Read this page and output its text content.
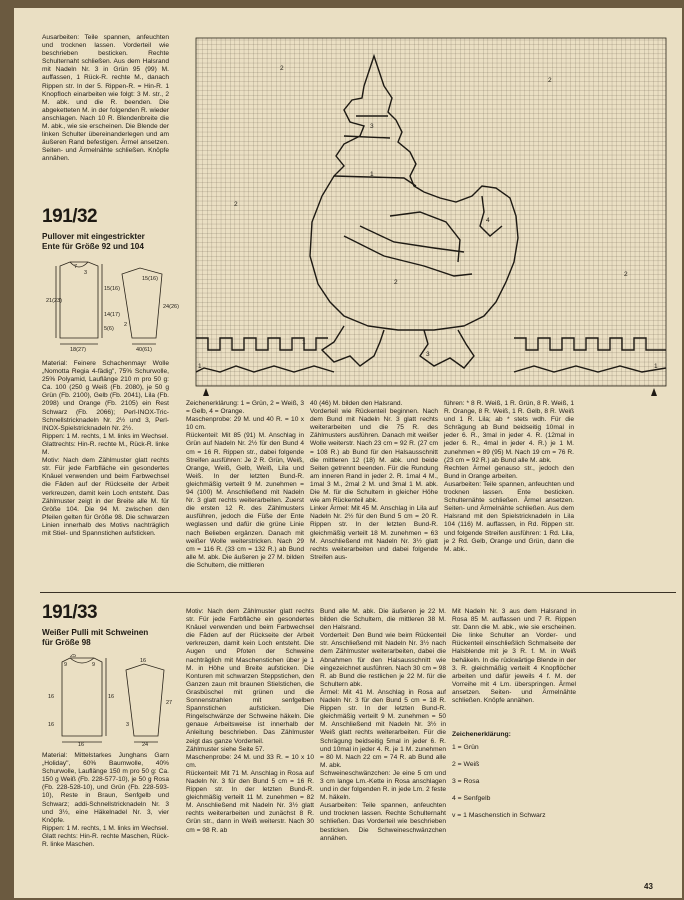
Ausarbeiten: Teile spannen, anfeuchten und trocknen lassen. Vorderteil wie beschrieben besticken. Rechte Schulternaht schließen. Aus dem Halsrand mit Nadeln Nr. 3 in Grün 95 (99) M. auffassen, 1 Rück-R. rechte M., danach Rippen str. In der 5. Rippen-R. = Hin-R. 1 Knopfloch einarbeiten wie folgt: 3 M. str., 2 M. abk. und die R. beenden. Die abgeketteten M. in der folgenden R. wieder anschlagen. Nach 10 R. Blendenbreite die M. abk., wie sie erscheinen. Die Blende der linken Schulter übereinanderlegen und am äußeren Rand befestigen. Ärmel ansetzen. Seiten- und Ärmelnähte schließen. Knöpfe annähen.

191/32
Pullover mit eingestrickter
Ente für Größe 92 und 104
7
3
15(16)
21(23)
15(16)
24(26)
14(17)
5(6)
18(27)	40(61)
2

Material: Feinere Schachenmayr Wolle „Nomotta Regia 4-fädig", 75% Schurwolle, 25% Polyamid, Lauflänge 210 m pro 50 g: Ca. 100 (250 g Weiß (Fb. 2080), je 50 g Grün (Fb. 2100), Gelb (Fb. 2041), Lila (Fb. 2098) und Orange (Fb. 2105) ein Rest Schwarz (Fb. 2066); Perl-INOX-Tric-Schnellstricknadeln Nr. 2½ und 3, Perl-INOX-Spielstricknadeln Nr. 2½.
Rippen: 1 M. rechts, 1 M. links im Wechsel.
Glattrechts: Hin-R. rechte M., Rück-R. linke M.
Motiv: Nach dem Zählmuster glatt rechts str. Für jede Farbfläche ein gesondertes Knäuel verwenden und beim Farbwechsel die Fäden auf der Rückseite der Arbeit verkreuzen, damit kein Loch entsteht. Das Zählmuster zeigt in der Breite alle M. für Größe 104. Die 94 M. zwischen den Pfeilen gelten für Größe 98. Die schwarzen Linien innerhalb des Motivs nachträglich mit Stiel- und Spannstichen aufsticken.

2
2
3
1
2
4
2
1
3
1	1
2

Zeichenerklärung: 1 = Grün, 2 = Weiß, 3 = Gelb, 4 = Orange.
Maschenprobe: 29 M. und 40 R. = 10 x 10 cm.
Rückenteil: Mit 85 (91) M. Anschlag in Grün auf Nadeln Nr. 2½ für den Bund 4 cm = 16 R. Rippen str., dabei folgende Streifen ausführen: Je 2 R. Grün, Weiß, Orange, Weiß, Gelb, Weiß, Lila und Weiß. In der letzten Bund-R. gleichmäßig verteilt 9 M. zunehmen = 94 (100) M. Anschließend mit Nadeln Nr. 3 glatt rechts weiterarbeiten. Zuerst die ersten 12 R. des Zählmusters ausführen, jedoch die Füße der Ente weglassen und dafür die grüne Linie nach Belieben ergänzen. Danach mit weißer Wolle weiterstricken. Nach 29 cm = 116 R. (33 cm = 132 R.) ab Bund alle M. abk. Die äußeren je 27 M. bilden die Schultern, die mittleren

40 (46) M. bilden den Halsrand.
Vorderteil wie Rückenteil beginnen. Nach dem Bund mit Nadeln Nr. 3 glatt rechts weiterarbeiten und die 75 R. des Zählmusters ausführen. Danach mit weißer Wolle weiterstr. Nach 23 cm = 92 R. (27 cm = 108 R.) ab Bund für den Halsausschnitt die mittleren 12 (18) M. abk. und beide Seiten getrennt beenden. Für die Rundung am inneren Rand in jeder 2. R. 1mal 4 M., 1mal 3 M., 2mal 2 M. und 3mal 1 M. abk. Die M. für die Schultern in gleicher Höhe wie am Rückenteil abk.
Linker Ärmel: Mit 45 M. Anschlag in Lila auf Nadeln Nr. 2½ für den Bund 5 cm = 20 R. Rippen str. In der letzten Bund-R. gleichmäßig verteilt 18 M. zunehmen = 63 M. Anschließend mit Nadeln Nr. 3½ glatt rechts weiterarbeiten und dabei folgende Streifen aus-

führen: * 8 R. Weiß, 1 R. Grün, 8 R. Weiß, 1 R. Orange, 8 R. Weiß, 1 R. Gelb, 8 R. Weiß und 1 R. Lila; ab * stets wdh. Für die Schrägung ab Bund beidseitig 10mal in jeder 6. R., 3mal in jeder 4. R. (12mal in jeder 6. R., 4mal in jeder 4. R.) je 1 M. zunehmen = 89 (95) M. Nach 19 cm = 76 R. (23 cm = 92 R.) ab Bund alle M. abk.
Rechten Ärmel genauso str., jedoch den Bund in Orange arbeiten.
Ausarbeiten: Teile spannen, anfeuchten und trocknen lassen. Ente besticken. Schulternähte schließen. Ärmel ansetzen. Seiten- und Ärmelnähte schließen. Aus dem Halsrand mit den Spielstricknadeln in Lila 104 (116) M. auffassen, in Rd. Rippen str. und folgende Streifen ausführen: 1 Rd. Lila, je 2 Rd. Gelb, Orange und Grün, dann die M. abk..

191/33
Weißer Pulli mit Schweinen
für Größe 98
25
9	9
16
16	16
27
16	24
16	3

Material: Mittelstarkes Junghans Garn „Holiday", 60% Baumwolle, 40% Schurwolle, Lauflänge 150 m pro 50 g: Ca. 150 g Weiß (Fb. 228-577-10), je 50 g Rosa (Fb. 228-528-10), und Grün (Fb. 228-593-10), Reste in Braun, Senfgelb und Schwarz; addi-Schnellstricknadeln Nr. 3 und 3½, eine Häkelnadel Nr. 3, vier Knöpfe.
Rippen: 1 M. rechts, 1 M. links im Wechsel.
Glatt rechts: Hin-R. rechte Maschen, Rück-R. linke Maschen.

Motiv: Nach dem Zählmuster glatt rechts str. Für jede Farbfläche ein gesondertes Knäuel verwenden und beim Farbwechsel die Fäden auf der Rückseite der Arbeit verkreuzen, damit kein Loch entsteht. Die Augen und Pfoten der Schweine nachträglich mit Maschenstichen über je 1 M. in Höhe und Breite aufsticken. Die Konturen mit schwarzen Steppstichen, den Ganzen zaun mit braunen Stielstichen, die Grasbüschel mit grünen und die Sonnenstrahlen mit senfgelben Spannstichen aufsticken. Die Ringelschwänze der Schweine häkeln. Die genaue Arbeitsweise ist innerhalb der Anleitung beschrieben. Das Zählmuster zeigt das ganze Vorderteil.
Zählmuster siehe Seite 57.
Maschenprobe: 24 M. und 33 R. = 10 x 10 cm.
Rückenteil: Mit 71 M. Anschlag in Rosa auf Nadeln Nr. 3 für den Bund 5 cm = 16 R. Rippen str. In der letzten Bund-R. gleichmäßig verteilt 11 M. zunehmen = 82 M. Anschließend mit Nadeln Nr. 3½ glatt rechts weiterarbeiten und zunächst 8 R. Grün str., dann in Weiß weiterstr. Nach 30 cm = 98 R. ab

Bund alle M. abk. Die äußeren je 22 M. bilden die Schultern, die mittleren 38 M. den Halsrand.
Vorderteil: Den Bund wie beim Rückenteil str. Anschließend mit Nadeln Nr. 3½ nach dem Zählmuster weiterarbeiten, dabei die Abnahmen für den Halsausschnitt wie eingezeichnet ausführen. Nach 30 cm = 98 R. ab Bund die restlichen je 22 M. für die Schultern abk.
Ärmel: Mit 41 M. Anschlag in Rosa auf Nadeln Nr. 3 für den Bund 5 cm = 18 R. Rippen str. In der letzten Bund-R. gleichmäßig verteilt 9 M. zunehmen = 50 M. Anschließend mit Nadeln Nr. 3½ in Weiß glatt rechts weiterarbeiten. Für die Schrägung beidseitig 5mal in jeder 6. R. und 10mal in jeder 4. R. je 1 M. zunehmen = 80 M. Nach 22 cm = 74 R. ab Bund alle M. abk.
Schweineschwänzchen: Je eine 5 cm und 3 cm lange Lm.-Kette in Rosa anschlagen und in der folgenden R. in jede Lm. 2 feste M. häkeln.
Ausarbeiten: Teile spannen, anfeuchten und trocknen lassen. Rechte Schulternaht schließen. Das Vorderteil wie beschrieben besticken. Die Schweineschwänzchen annähen.

Mit Nadeln Nr. 3 aus dem Halsrand in Rosa 85 M. auffassen und 7 R. Rippen str. Dann die M. abk., wie sie erscheinen. Die linke Schulter an Vorder- und Rückenteil einschließlich Schmalseite der Halsblende mit je 3 R. f. M. in Weiß behäkeln. In die rückwärtige Blende in der 3. R. gleichmäßig verteilt 4 Knopflöcher arbeiten und dafür jeweils 4 f. M. der Vorreihe mit 4 Lm. überspringen. Ärmel ansetzen. Seiten- und Ärmelnähte schließen. Knöpfe annähen.

Zeichenerklärung:
1 = Grün
2 = Weiß
3 = Rosa
4 = Senfgelb
v = 1 Maschenstich in Schwarz
43
